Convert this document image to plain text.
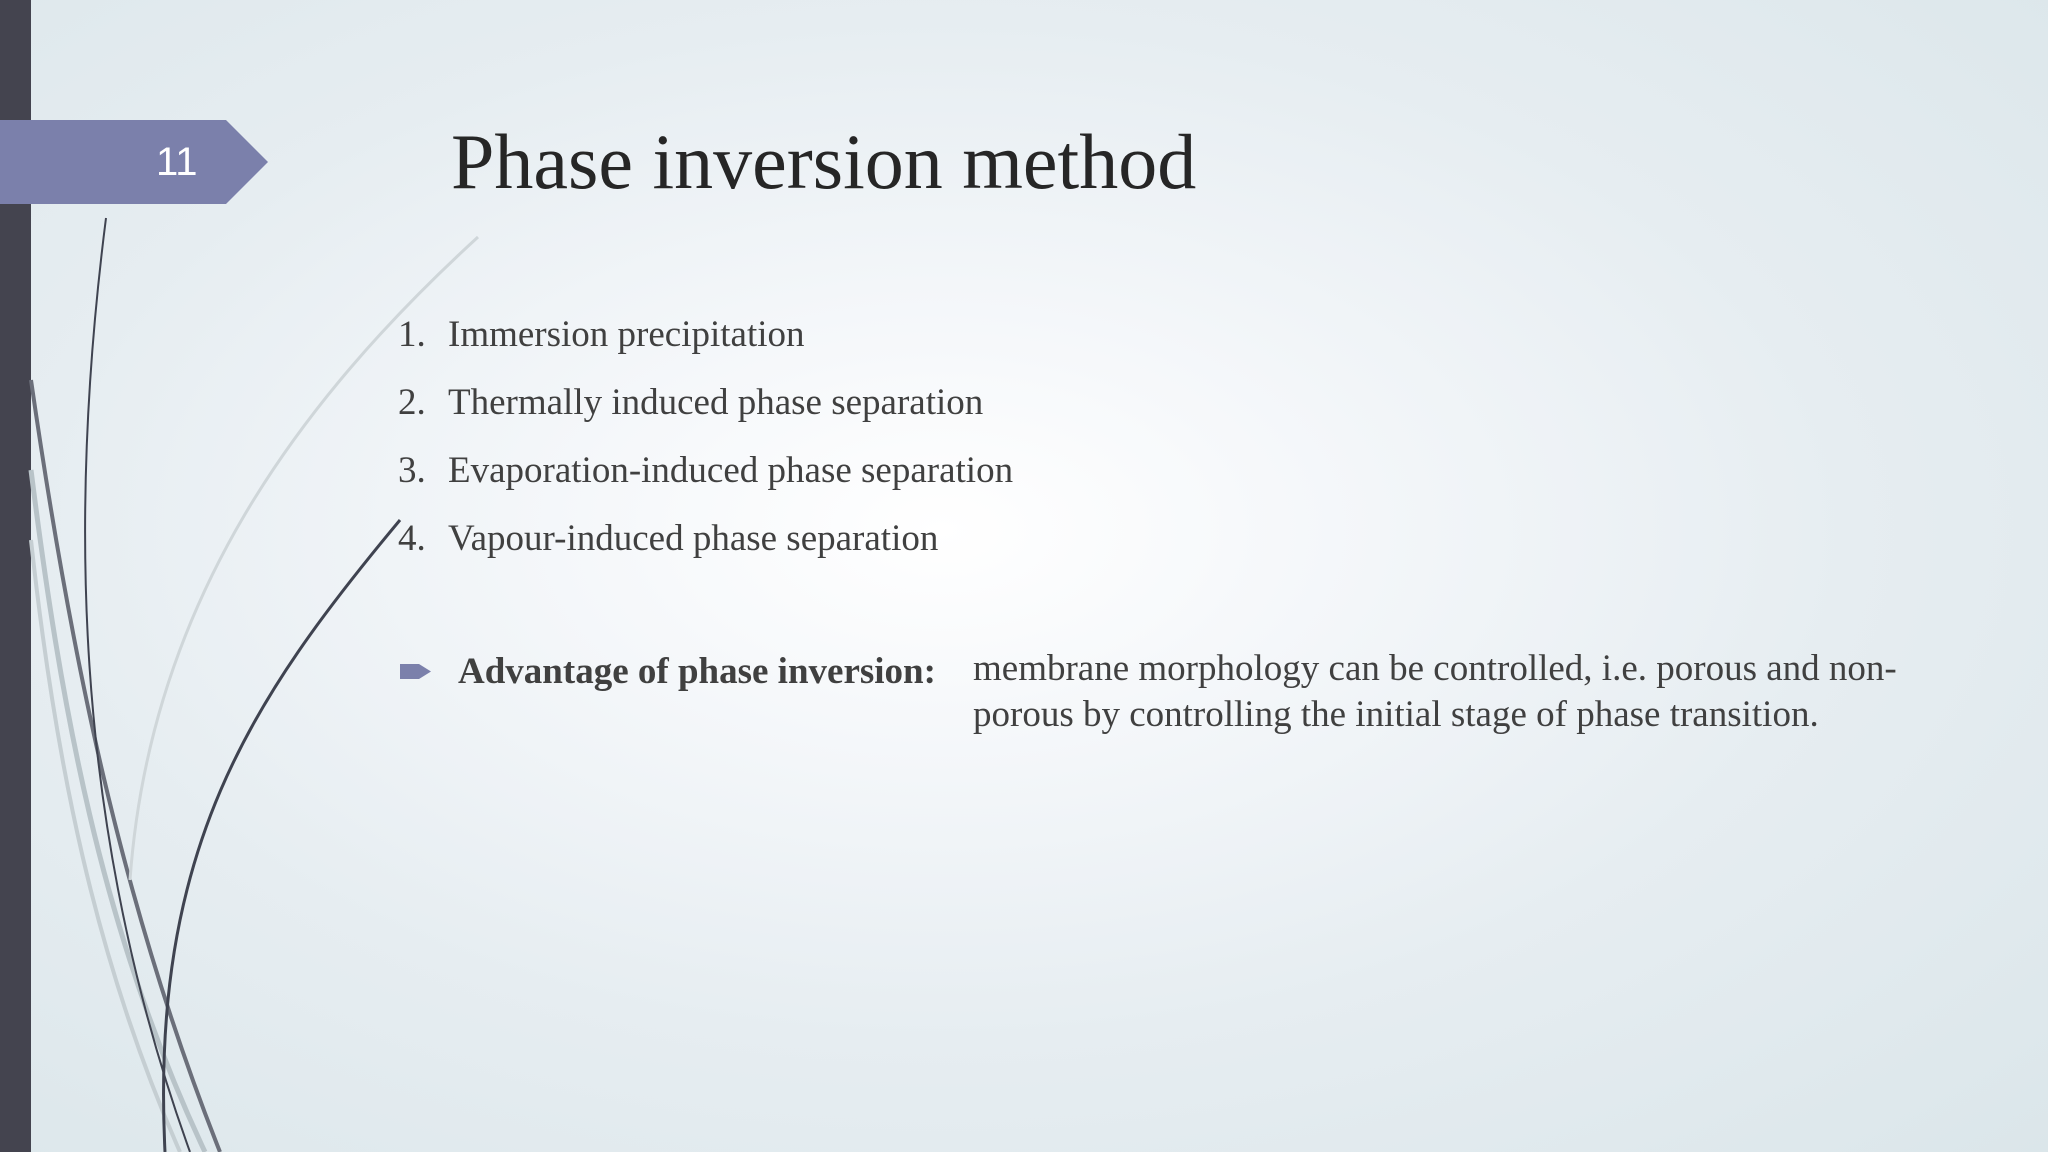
11	Phase inversion method
1. Immersion precipitation
2. Thermally induced phase separation
3. Evaporation-induced phase separation
4. Vapour-induced phase separation
Advantage of phase inversion: membrane morphology can be controlled, i.e. porous and non-porous by controlling the initial stage of phase transition.
